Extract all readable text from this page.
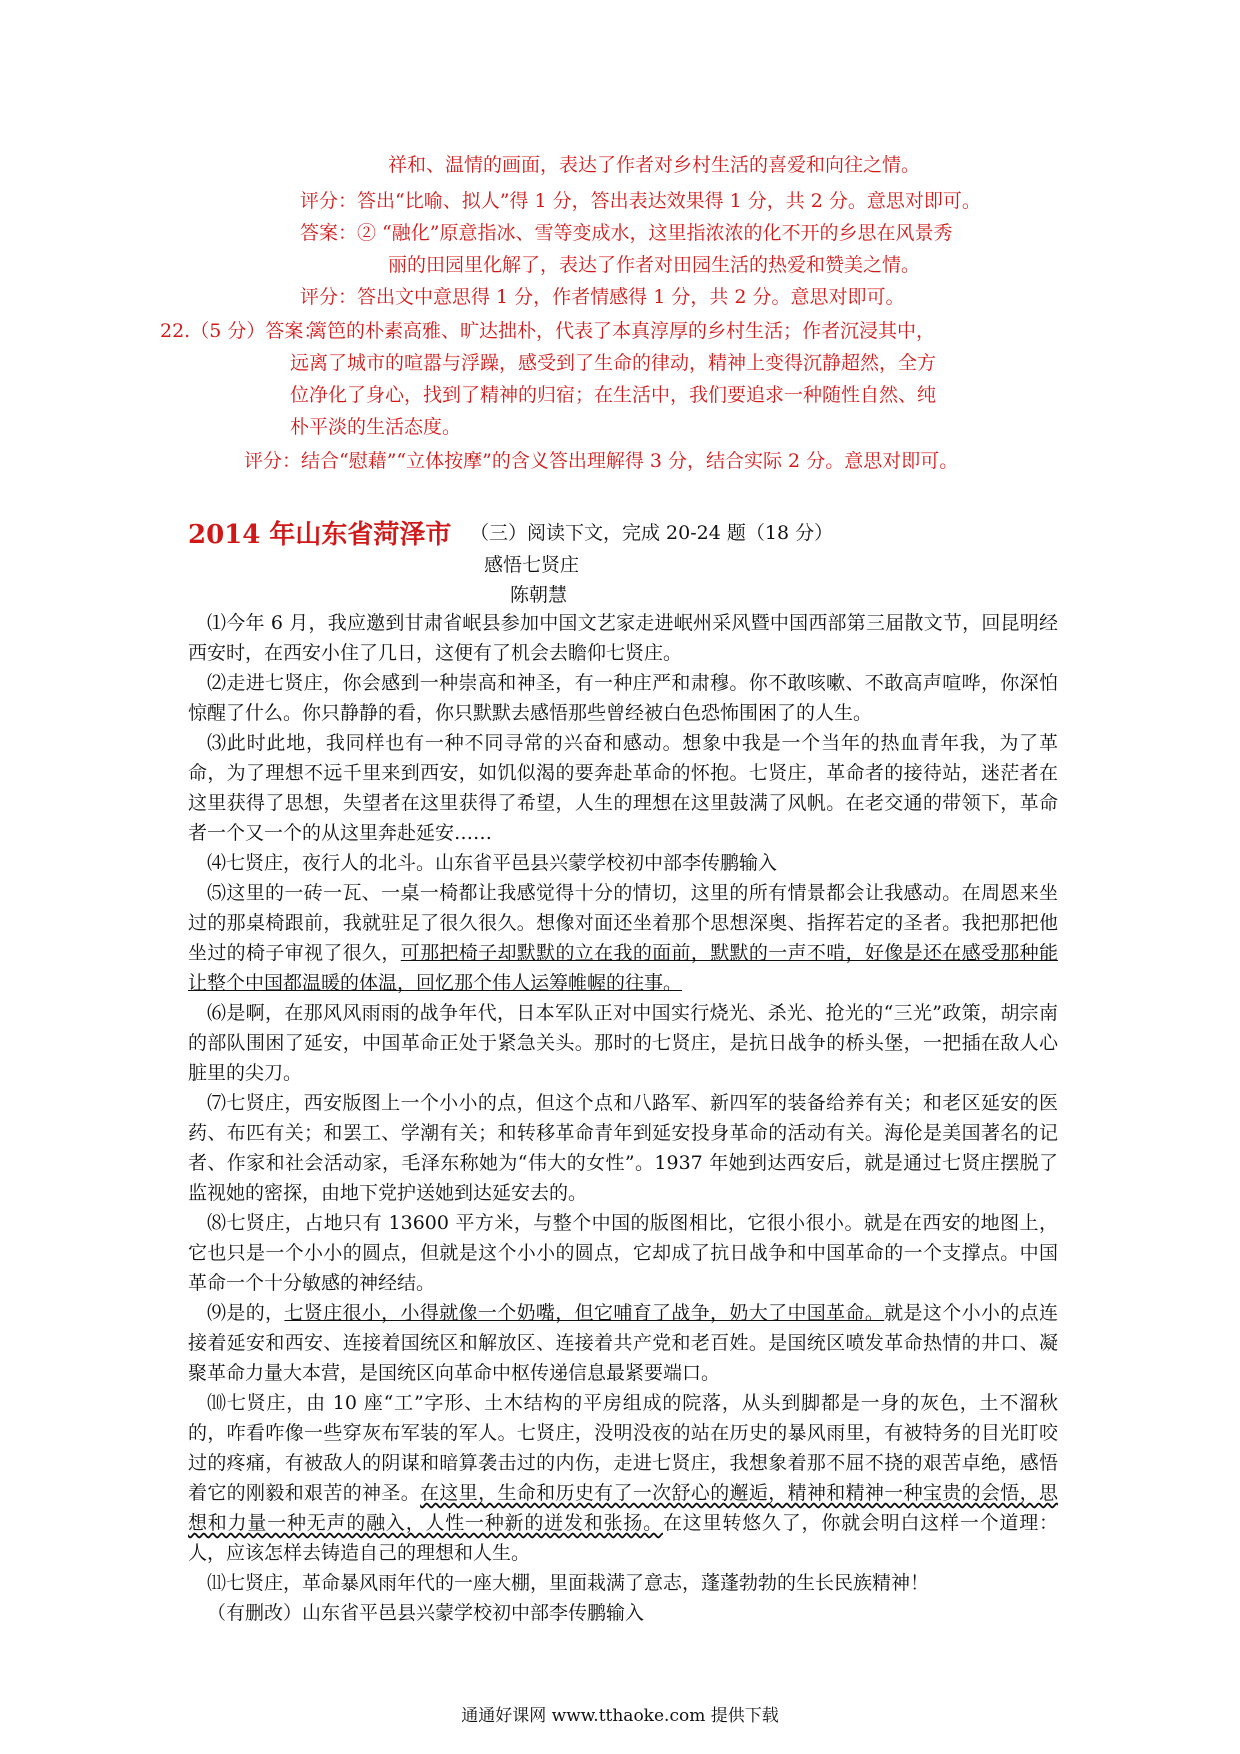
祥和、温情的画面，表达了作者对乡村生活的喜爱和向往之情。
评分：答出“比喻、拟人”得 1 分，答出表达效果得 1 分，共 2 分。意思对即可。
答案：② “融化”原意指冰、雪等变成水，这里指浓浓的化不开的乡思在风景秀
丽的田园里化解了，表达了作者对田园生活的热爱和赞美之情。
评分：答出文中意思得 1 分，作者情感得 1 分，共 2 分。意思对即可。
22.（5 分）答案：
篱笆的朴素高雅、旷达拙朴，代表了本真淳厚的乡村生活；作者沉浸其中，
远离了城市的喧嚣与浮躁，感受到了生命的律动，精神上变得沉静超然，全方
位净化了身心，找到了精神的归宿；在生活中，我们要追求一种随性自然、纯
朴平淡的生活态度。
评分：结合“慰藉”“立体按摩”的含义答出理解得 3 分，结合实际 2 分。意思对即可。
2014 年山东省菏泽市 （三）阅读下文，完成 20-24 题（18 分）
感悟七贤庄
陈朝慧

⑴今年 6 月，我应邀到甘肃省岷县参加中国文艺家走进岷州采风暨中国西部第三届散文节，回昆明经西安时，在西安小住了几日，这便有了机会去瞻仰七贤庄。

⑵走进七贤庄，你会感到一种崇高和神圣，有一种庄严和肃穆。你不敢咳嗽、不敢高声喧哗，你深怕惊醒了什么。你只静静的看，你只默默去感悟那些曾经被白色恐怖围困了的人生。

⑶此时此地，我同样也有一种不同寻常的兴奋和感动。想象中我是一个当年的热血青年我，为了革命，为了理想不远千里来到西安，如饥似渴的要奔赴革命的怀抱。七贤庄，革命者的接待站，迷茫者在这里获得了思想，失望者在这里获得了希望，人生的理想在这里鼓满了风帆。在老交通的带领下，革命者一个又一个的从这里奔赴延安……

⑷七贤庄，夜行人的北斗。山东省平邑县兴蒙学校初中部李传鹏输入

⑸这里的一砖一瓦、一桌一椅都让我感觉得十分的情切，这里的所有情景都会让我感动。在周恩来坐过的那桌椅跟前，我就驻足了很久很久。想像对面还坐着那个思想深奥、指挥若定的圣者。我把那把他坐过的椅子审视了很久，可那把椅子却默默的立在我的面前，默默的一声不啃，好像是还在感受那种能让整个中国都温暖的体温，回忆那个伟人运筹帷幄的往事。

⑹是啊，在那风风雨雨的战争年代，日本军队正对中国实行烧光、杀光、抢光的“三光”政策，胡宗南的部队围困了延安，中国革命正处于紧急关头。那时的七贤庄，是抗日战争的桥头堡，一把插在敌人心脏里的尖刀。

⑺七贤庄，西安版图上一个小小的点，但这个点和八路军、新四军的装备给养有关；和老区延安的医药、布匹有关；和罢工、学潮有关；和转移革命青年到延安投身革命的活动有关。海伦是美国著名的记者、作家和社会活动家，毛泽东称她为“伟大的女性”。1937 年她到达西安后，就是通过七贤庄摆脱了监视她的密探，由地下党护送她到达延安去的。

⑻七贤庄，占地只有 13600 平方米，与整个中国的版图相比，它很小很小。就是在西安的地图上，它也只是一个小小的圆点，但就是这个小小的圆点，它却成了抗日战争和中国革命的一个支撑点。中国革命一个十分敏感的神经结。

⑼是的，七贤庄很小，小得就像一个奶嘴，但它哺育了战争，奶大了中国革命。就是这个小小的点连接着延安和西安、连接着国统区和解放区、连接着共产党和老百姓。是国统区喷发革命热情的井口、凝聚革命力量大本营，是国统区向革命中枢传递信息最紧要端口。

⑽七贤庄，由 10 座“工”字形、土木结构的平房组成的院落，从头到脚都是一身的灰色，土不溜秋的，咋看咋像一些穿灰布军装的军人。七贤庄，没明没夜的站在历史的暴风雨里，有被特务的目光盯咬过的疼痛，有被敌人的阴谋和暗算袭击过的内伤，走进七贤庄，我想象着那不屈不挠的艰苦卓绝，感悟着它的刚毅和艰苦的神圣。在这里，生命和历史有了一次舒心的邂逅，精神和精神一种宝贵的会悟，思想和力量一种无声的融入，人性一种新的迸发和张扬。在这里转悠久了，你就会明白这样一个道理：人，应该怎样去铸造自己的理想和人生。

⑾七贤庄，革命暴风雨年代的一座大棚，里面栽满了意志，蓬蓬勃勃的生长民族精神！

（有删改）山东省平邑县兴蒙学校初中部李传鹏输入

通通好课网 www.tthaoke.com 提供下载
